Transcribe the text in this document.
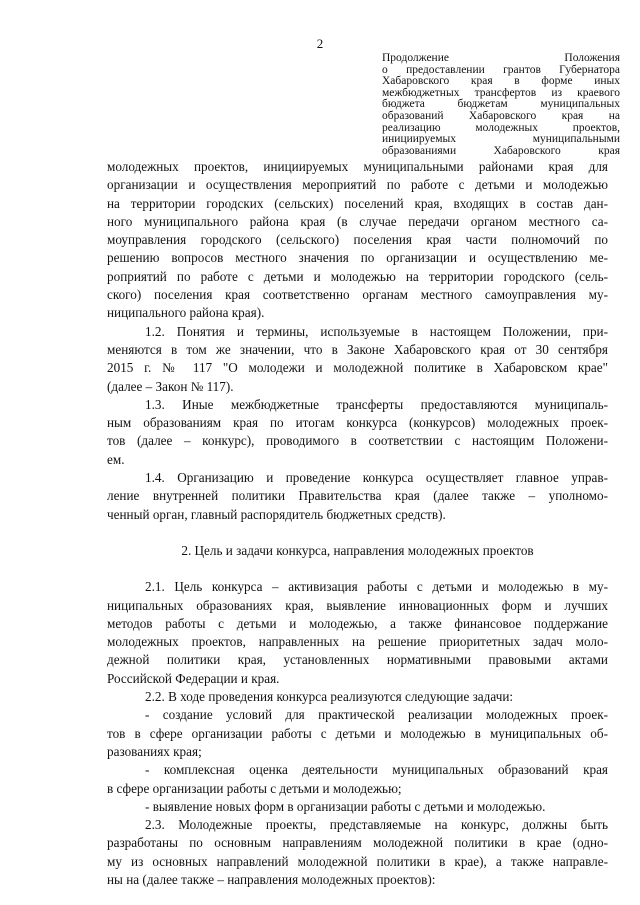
2
Продолжение Положения
о предоставлении грантов Губернатора
Хабаровского края в форме иных
межбюджетных трансфертов из краевого
бюджета бюджетам муниципальных
образований Хабаровского края на
реализацию молодежных проектов,
инициируемых муниципальными
образованиями Хабаровского края
молодежных проектов, инициируемых муниципальными районами края для
организации и осуществления мероприятий по работе с детьми и молодежью
на территории городских (сельских) поселений края, входящих в состав дан-
ного муниципального района края (в случае передачи органом местного са-
моуправления городского (сельского) поселения края части полномочий по
решению вопросов местного значения по организации и осуществлению ме-
роприятий по работе с детьми и молодежью на территории городского (сель-
ского) поселения края соответственно органам местного самоуправления му-
ниципального района края).
1.2. Понятия и термины, используемые в настоящем Положении, при-
меняются в том же значении, что в Законе Хабаровского края от 30 сентября
2015 г. № 117 "О молодежи и молодежной политике в Хабаровском крае"
(далее – Закон № 117).
1.3. Иные межбюджетные трансферты предоставляются муниципаль-
ным образованиям края по итогам конкурса (конкурсов) молодежных проек-
тов (далее – конкурс), проводимого в соответствии с настоящим Положени-
ем.
1.4. Организацию и проведение конкурса осуществляет главное управ-
ление внутренней политики Правительства края (далее также – уполномо-
ченный орган, главный распорядитель бюджетных средств).
2. Цель и задачи конкурса, направления молодежных проектов
2.1. Цель конкурса – активизация работы с детьми и молодежью в му-
ниципальных образованиях края, выявление инновационных форм и лучших
методов работы с детьми и молодежью, а также финансовое поддержание
молодежных проектов, направленных на решение приоритетных задач моло-
дежной политики края, установленных нормативными правовыми актами
Российской Федерации и края.
2.2. В ходе проведения конкурса реализуются следующие задачи:
- создание условий для практической реализации молодежных проек-
тов в сфере организации работы с детьми и молодежью в муниципальных об-
разованиях края;
- комплексная оценка деятельности муниципальных образований края
в сфере организации работы с детьми и молодежью;
- выявление новых форм в организации работы с детьми и молодежью.
2.3. Молодежные проекты, представляемые на конкурс, должны быть
разработаны по основным направлениям молодежной политики в крае (одно-
му из основных направлений молодежной политики в крае), а также направле-
ны на (далее также – направления молодежных проектов):
